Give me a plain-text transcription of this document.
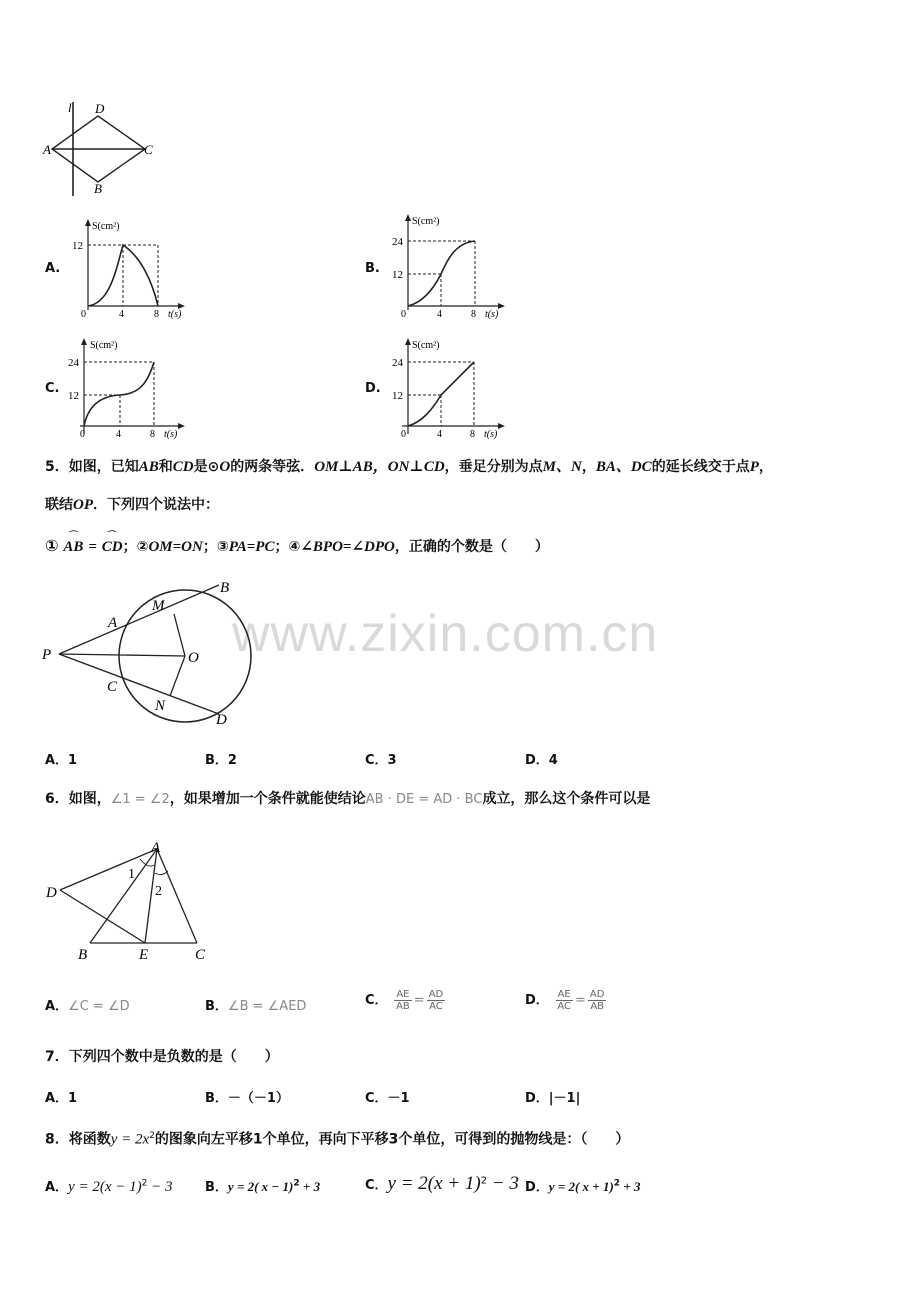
www.zixin.com.cn
l D
A	C
B
A.
S(cm²)
12
0	4	8 t(s)
B.
S(cm²)
24
12
0	4	8 t(s)
C.
S(cm²)
24
12
0	4	8 t(s)
D.
S(cm²)
24
12
0	4	8 t(s)
5．如图，已知AB和CD是⊙O的两条等弦．OM⊥AB，ON⊥CD，垂足分别为点M、N，BA、DC的延长线交于点P，
联结OP．下列四个说法中：
①
⌒
AB =
⌒
CD；②OM=ON；③PA=PC；④∠BPO=∠DPO，正确的个数是（　　）
B
M
A
P	O
C
N
D
A．1	B．2	C．3	D．4
6．如图，∠1 = ∠2，如果增加一个条件就能使结论AB · DE = AD · BC成立，那么这个条件可以是
A
D
1
2
B	E	C
A．∠C = ∠D	B．∠B = ∠AED	C． $\frac{AE}{AB} = \frac{AD}{AC}$	D． $\frac{AE}{AC} = \frac{AD}{AB}$
7．下列四个数中是负数的是（　　）
A．1	B．－（－1）	C．－1	D．|－1|
8．将函数$y = 2x^2$的图象向左平移1个单位，再向下平移3个单位，可得到的抛物线是：（　　）
A．$y = 2(x - 1)^2 - 3$	B．y = 2( x − 1)$^2$ + 3	C．$y = 2(x + 1)^2 - 3$ D．y = 2( x + 1)$^2$ + 3
